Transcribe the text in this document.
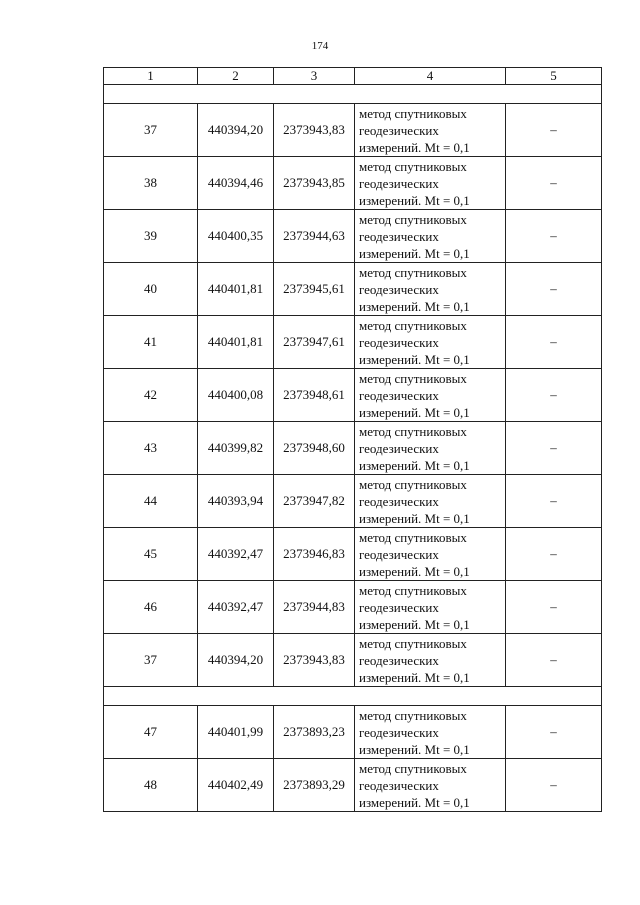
174
1	2	3	4	5

37	440394,20	2373943,83	метод спутниковых
геодезических
измерений. Mt = 0,1	–
38	440394,46	2373943,85	метод спутниковых
геодезических
измерений. Mt = 0,1	–
39	440400,35	2373944,63	метод спутниковых
геодезических
измерений. Mt = 0,1	–
40	440401,81	2373945,61	метод спутниковых
геодезических
измерений. Mt = 0,1	–
41	440401,81	2373947,61	метод спутниковых
геодезических
измерений. Mt = 0,1	–
42	440400,08	2373948,61	метод спутниковых
геодезических
измерений. Mt = 0,1	–
43	440399,82	2373948,60	метод спутниковых
геодезических
измерений. Mt = 0,1	–
44	440393,94	2373947,82	метод спутниковых
геодезических
измерений. Mt = 0,1	–
45	440392,47	2373946,83	метод спутниковых
геодезических
измерений. Mt = 0,1	–
46	440392,47	2373944,83	метод спутниковых
геодезических
измерений. Mt = 0,1	–
37	440394,20	2373943,83	метод спутниковых
геодезических
измерений. Mt = 0,1	–

47	440401,99	2373893,23	метод спутниковых
геодезических
измерений. Mt = 0,1	–
48	440402,49	2373893,29	метод спутниковых
геодезических
измерений. Mt = 0,1	–
